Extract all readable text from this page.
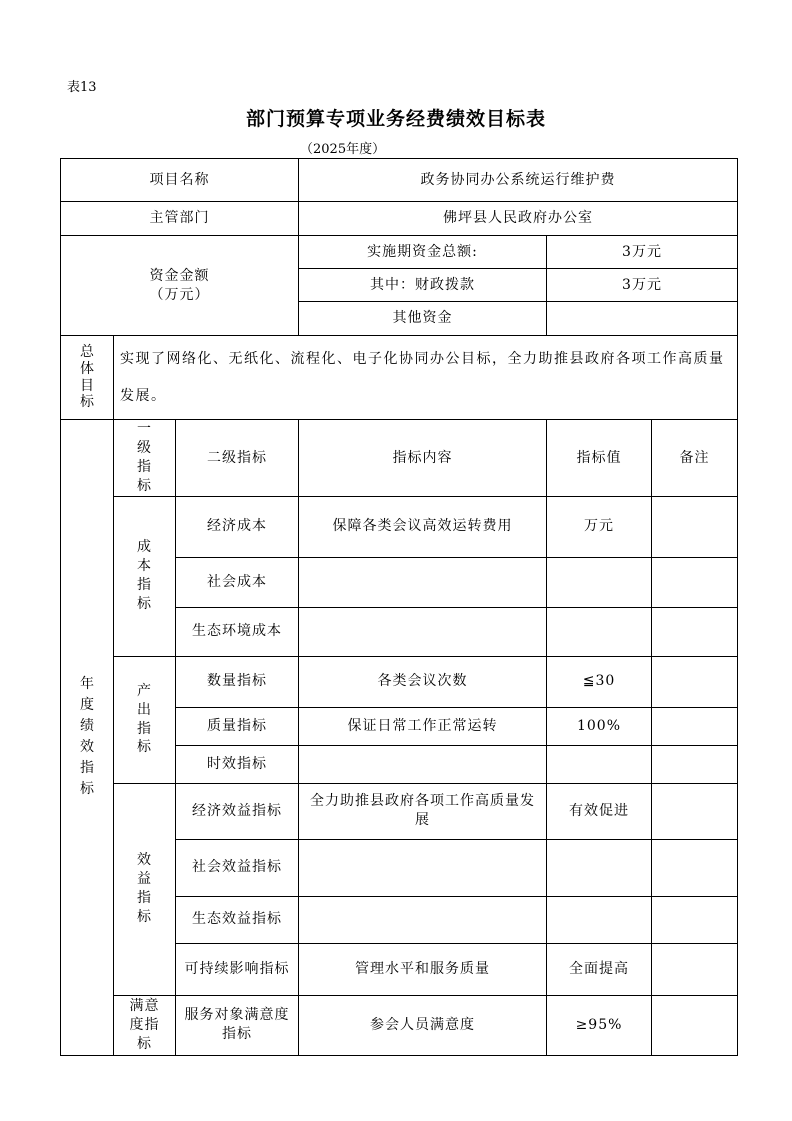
表13
部门预算专项业务经费绩效目标表
（2025年度）
项目名称			政务协同办公系统运行维护费		
主管部门			佛坪县人民政府办公室		
资金金额
（万元）			实施期资金总额:	3万元	
			其中：财政拨款	3万元	
			其他资金		

总体目标	实现了网络化、无纸化、流程化、电子化协同办公目标，全力助推县政府各项工作高质量发展。				

年度绩效指标	一级指标	二级指标	指标内容	指标值	备注

	成本指标	经济成本	保障各类会议高效运转费用	万元	
		社会成本			
		生态环境成本			

	产出指标	数量指标	各类会议次数	≦30	
		质量指标	保证日常工作正常运转	100%	
		时效指标			

	效益指标	经济效益指标	全力助推县政府各项工作高质量发展	有效促进	
		社会效益指标			
		生态效益指标			
		可持续影响指标	管理水平和服务质量	全面提高	

	满意度指标	服务对象满意度指标	参会人员满意度	≥95%	
